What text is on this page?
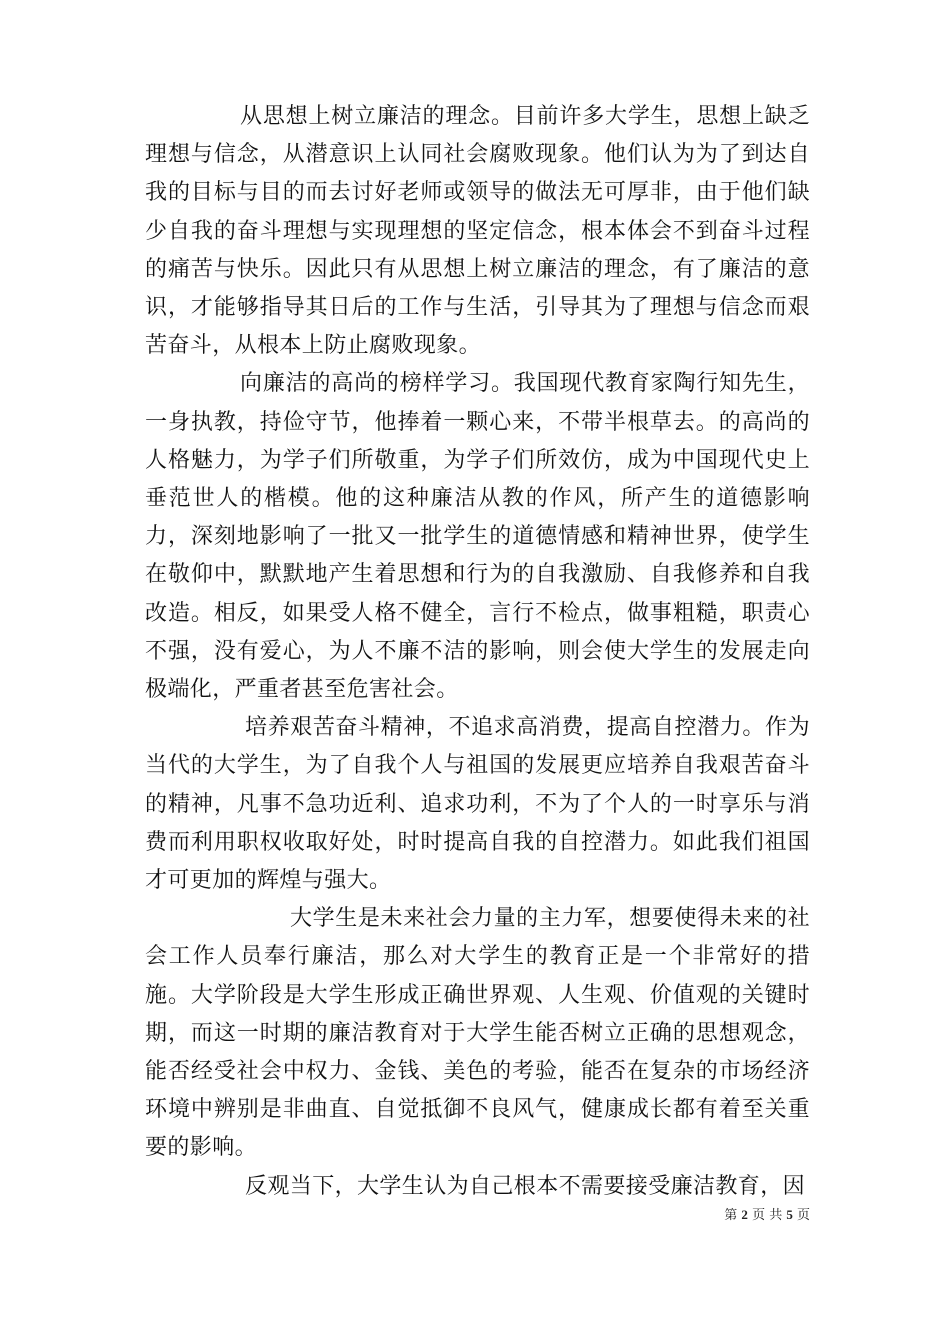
从思想上树立廉洁的理念。目前许多大学生，思想上缺乏理想与信念，从潜意识上认同社会腐败现象。他们认为为了到达自我的目标与目的而去讨好老师或领导的做法无可厚非，由于他们缺少自我的奋斗理想与实现理想的坚定信念，根本体会不到奋斗过程的痛苦与快乐。因此只有从思想上树立廉洁的理念，有了廉洁的意识，才能够指导其日后的工作与生活，引导其为了理想与信念而艰苦奋斗，从根本上防止腐败现象。

向廉洁的高尚的榜样学习。我国现代教育家陶行知先生，一身执教，持俭守节，他捧着一颗心来，不带半根草去。的高尚的人格魅力，为学子们所敬重，为学子们所效仿，成为中国现代史上垂范世人的楷模。他的这种廉洁从教的作风，所产生的道德影响力，深刻地影响了一批又一批学生的道德情感和精神世界，使学生在敬仰中，默默地产生着思想和行为的自我激励、自我修养和自我改造。相反，如果受人格不健全，言行不检点，做事粗糙，职责心不强，没有爱心，为人不廉不洁的影响，则会使大学生的发展走向极端化，严重者甚至危害社会。

培养艰苦奋斗精神，不追求高消费，提高自控潜力。作为当代的大学生，为了自我个人与祖国的发展更应培养自我艰苦奋斗的精神，凡事不急功近利、追求功利，不为了个人的一时享乐与消费而利用职权收取好处，时时提高自我的自控潜力。如此我们祖国才可更加的辉煌与强大。

大学生是未来社会力量的主力军，想要使得未来的社会工作人员奉行廉洁，那么对大学生的教育正是一个非常好的措施。大学阶段是大学生形成正确世界观、人生观、价值观的关键时期，而这一时期的廉洁教育对于大学生能否树立正确的思想观念，能否经受社会中权力、金钱、美色的考验，能否在复杂的市场经济环境中辨别是非曲直、自觉抵御不良风气，健康成长都有着至关重要的影响。

反观当下，大学生认为自己根本不需要接受廉洁教育，因

第 2 页 共 5 页
